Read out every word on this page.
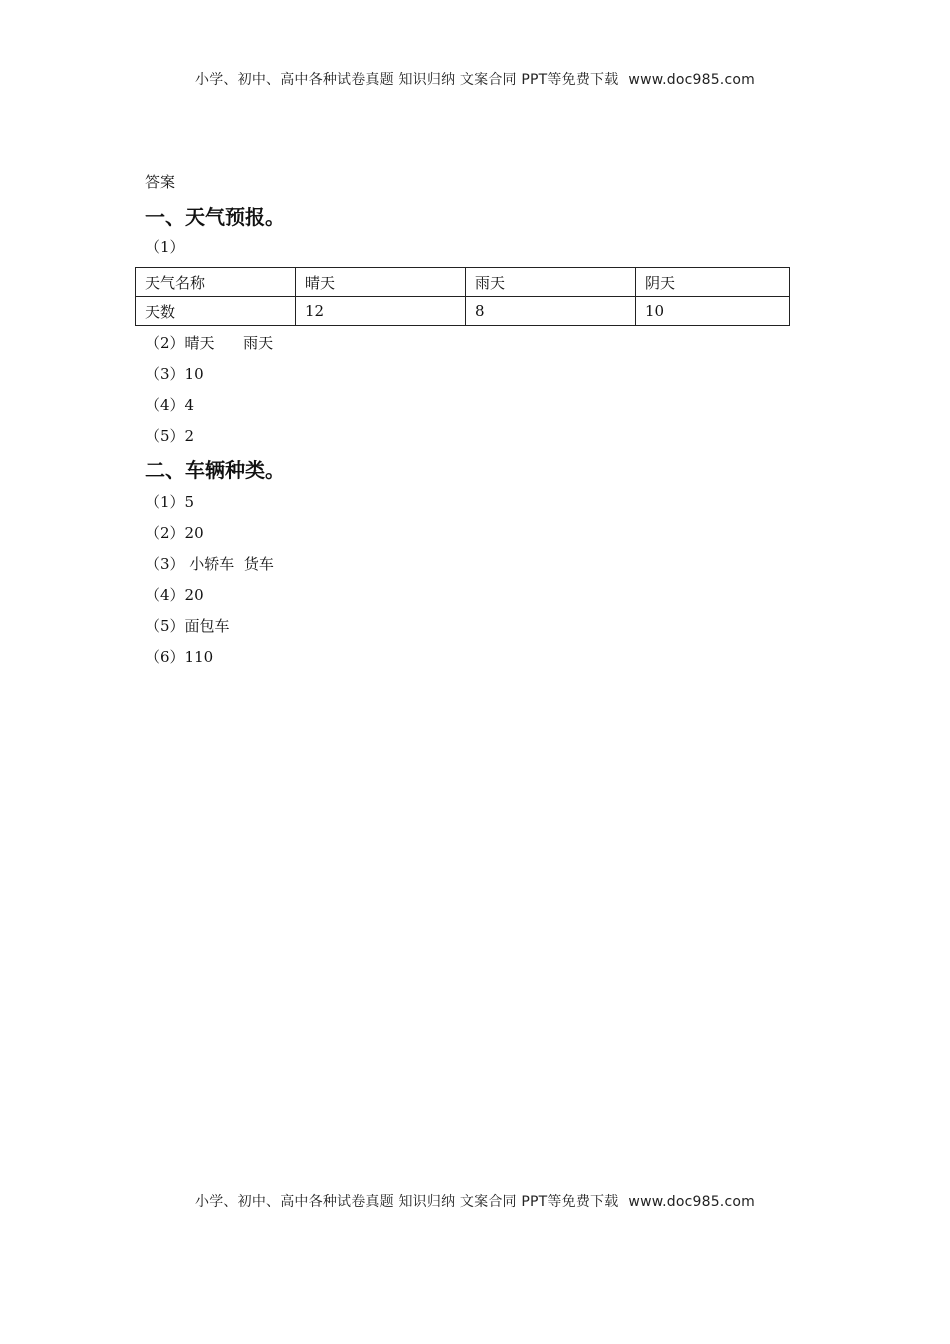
小学、初中、高中各种试卷真题 知识归纳 文案合同 PPT等免费下载 www.doc985.com
答案
一、天气预报。
（1）
天气名称	晴天	雨天	阴天
天数	12	8	10
（2）晴天      雨天
（3）10
（4）4
（5）2
二、车辆种类。
（1）5
（2）20
（3） 小轿车  货车
（4）20
（5）面包车
（6）110
小学、初中、高中各种试卷真题 知识归纳 文案合同 PPT等免费下载 www.doc985.com
